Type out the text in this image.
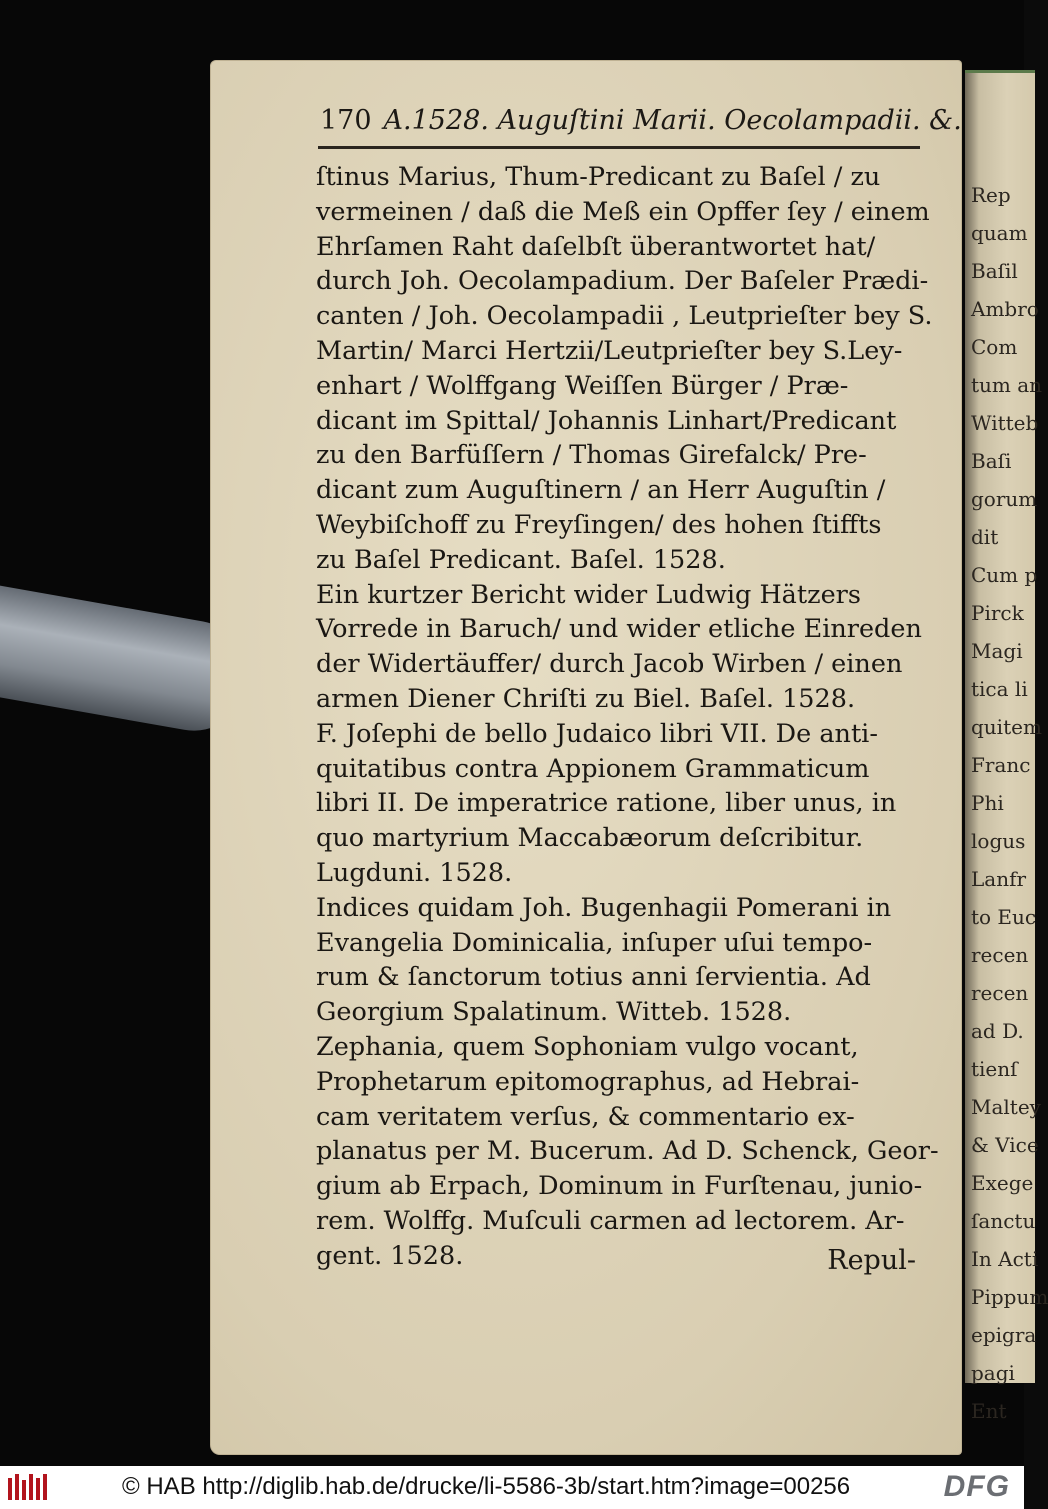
Rep
quam
Baſil
Ambro
Com
tum an
Witteb
Baſi
gorum
dit
Cum p
Pirck
Magi
tica li
quitem
Franc
Phi
logus
Lanfr
to Euc
recen
recen
ad D.
tienſ
Maltey
& Vice
Exege
ſanctu
In Acti
Pippum
epigra
pagi
Ent
170 A.1528. Auguſtini Marii. Oecolampadii. &.
ſtinus Marius, Thum-Predicant zu Baſel / zu
vermeinen / daß die Meß ein Opffer ſey / einem
Ehrſamen Raht daſelbſt überantwortet hat/
durch Joh. Oecolampadium. Der Baſeler Prædi-
canten / Joh. Oecolampadii , Leutprieſter bey S.
Martin/ Marci Hertzii/Leutprieſter bey S.Ley-
enhart / Wolffgang Weiſſen Bürger / Præ-
dicant im Spittal/ Johannis Linhart/Predicant
zu den Barfüſſern / Thomas Girefalck/ Pre-
dicant zum Auguſtinern / an Herr Auguſtin /
Weybiſchoff zu Freyſingen/ des hohen ſtiffts
zu Baſel Predicant. Baſel. 1528.
Ein kurtzer Bericht wider Ludwig Hätzers
Vorrede in Baruch/ und wider etliche Einreden
der Widertäuffer/ durch Jacob Wirben / einen
armen Diener Chriſti zu Biel. Baſel. 1528.
F. Joſephi de bello Judaico libri VII. De anti-
quitatibus contra Appionem Grammaticum
libri II. De imperatrice ratione, liber unus, in
quo martyrium Maccabæorum deſcribitur.
Lugduni. 1528.
Indices quidam Joh. Bugenhagii Pomerani in
Evangelia Dominicalia, inſuper uſui tempo-
rum & ſanctorum totius anni ſervientia. Ad
Georgium Spalatinum. Witteb. 1528.
Zephania, quem Sophoniam vulgo vocant,
Prophetarum epitomographus, ad Hebrai-
cam veritatem verſus, & commentario ex-
planatus per M. Bucerum. Ad D. Schenck, Geor-
gium ab Erpach, Dominum in Furſtenau, junio-
rem. Wolffg. Muſculi carmen ad lectorem. Ar-
gent. 1528.	Repul-
© HAB http://diglib.hab.de/drucke/li-5586-3b/start.htm?image=00256	DFG
